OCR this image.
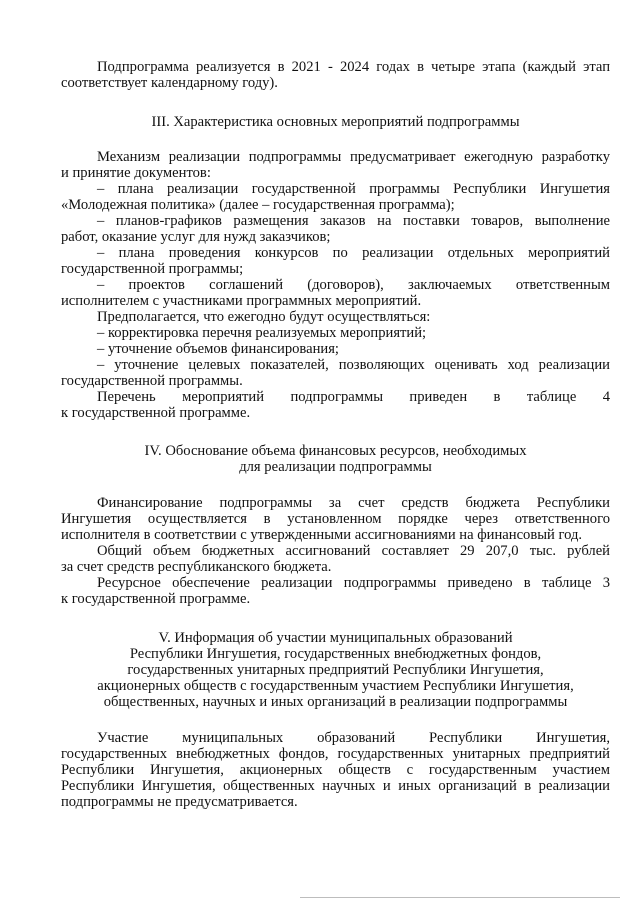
Подпрограмма реализуется в 2021 - 2024 годах в четыре этапа (каждый этап

соответствует календарному году).

III. Характеристика основных мероприятий подпрограммы

Механизм реализации подпрограммы предусматривает ежегодную разработку

и принятие документов:

– плана реализации государственной программы Республики Ингушетия

«Молодежная политика» (далее – государственная программа);

– планов-графиков размещения заказов на поставки товаров, выполнение

работ, оказание услуг для нужд заказчиков;

– плана проведения конкурсов по реализации отдельных мероприятий

государственной программы;

– проектов соглашений (договоров), заключаемых ответственным

исполнителем с участниками программных мероприятий.

Предполагается, что ежегодно будут осуществляться:

– корректировка перечня реализуемых мероприятий;

– уточнение объемов финансирования;

– уточнение целевых показателей, позволяющих оценивать ход реализации

государственной программы.

Перечень мероприятий подпрограммы приведен в таблице 4

к государственной программе.

IV. Обоснование объема финансовых ресурсов, необходимых

для реализации подпрограммы

Финансирование подпрограммы за счет средств бюджета Республики

Ингушетия осуществляется в установленном порядке через ответственного

исполнителя в соответствии с утвержденными ассигнованиями на финансовый год.

Общий объем бюджетных ассигнований составляет 29 207,0 тыс. рублей

за счет средств республиканского бюджета.

Ресурсное обеспечение реализации подпрограммы приведено в таблице 3

к государственной программе.

V. Информация об участии муниципальных образований

Республики Ингушетия, государственных внебюджетных фондов,

государственных унитарных предприятий Республики Ингушетия,

акционерных обществ с государственным участием Республики Ингушетия,

общественных, научных и иных организаций в реализации подпрограммы

Участие муниципальных образований Республики Ингушетия,

государственных внебюджетных фондов, государственных унитарных предприятий

Республики Ингушетия, акционерных обществ с государственным участием

Республики Ингушетия, общественных научных и иных организаций в реализации

подпрограммы не предусматривается.
